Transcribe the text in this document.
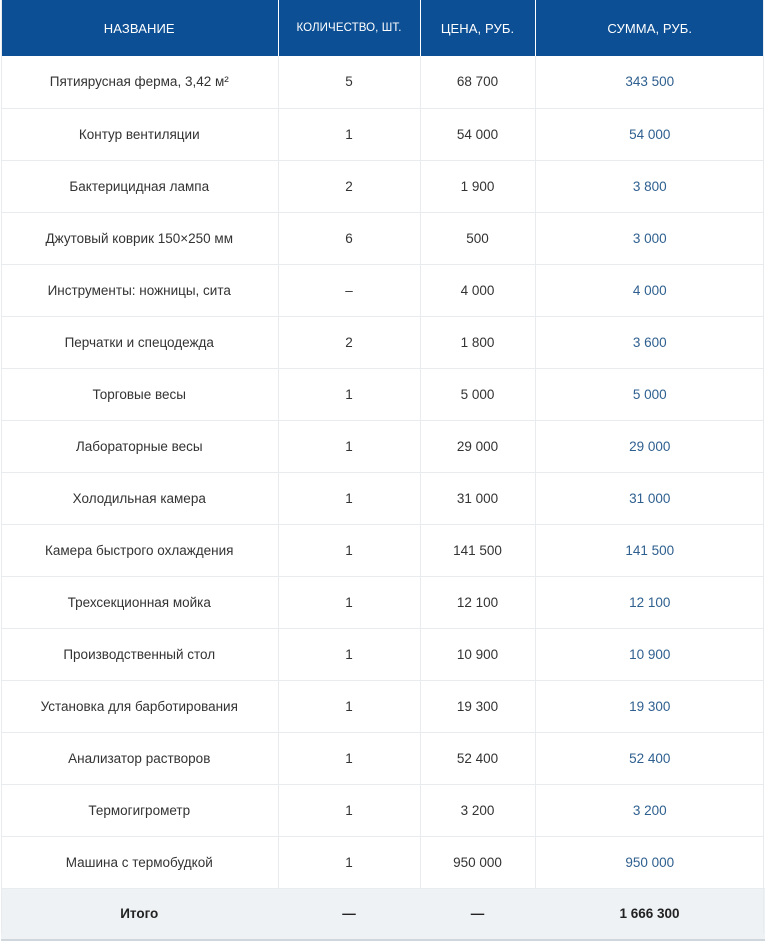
НАЗВАНИЕ	КОЛИЧЕСТВО, ШТ.	ЦЕНА, РУБ.	СУММА, РУБ.
Пятиярусная ферма, 3,42 м²	5	68 700	343 500
Контур вентиляции	1	54 000	54 000
Бактерицидная лампа	2	1 900	3 800
Джутовый коврик 150×250 мм	6	500	3 000
Инструменты: ножницы, сита	–	4 000	4 000
Перчатки и спецодежда	2	1 800	3 600
Торговые весы	1	5 000	5 000
Лабораторные весы	1	29 000	29 000
Холодильная камера	1	31 000	31 000
Камера быстрого охлаждения	1	141 500	141 500
Трехсекционная мойка	1	12 100	12 100
Производственный стол	1	10 900	10 900
Установка для барботирования	1	19 300	19 300
Анализатор растворов	1	52 400	52 400
Термогигрометр	1	3 200	3 200
Машина с термобудкой	1	950 000	950 000
Итого	—	—	1 666 300
